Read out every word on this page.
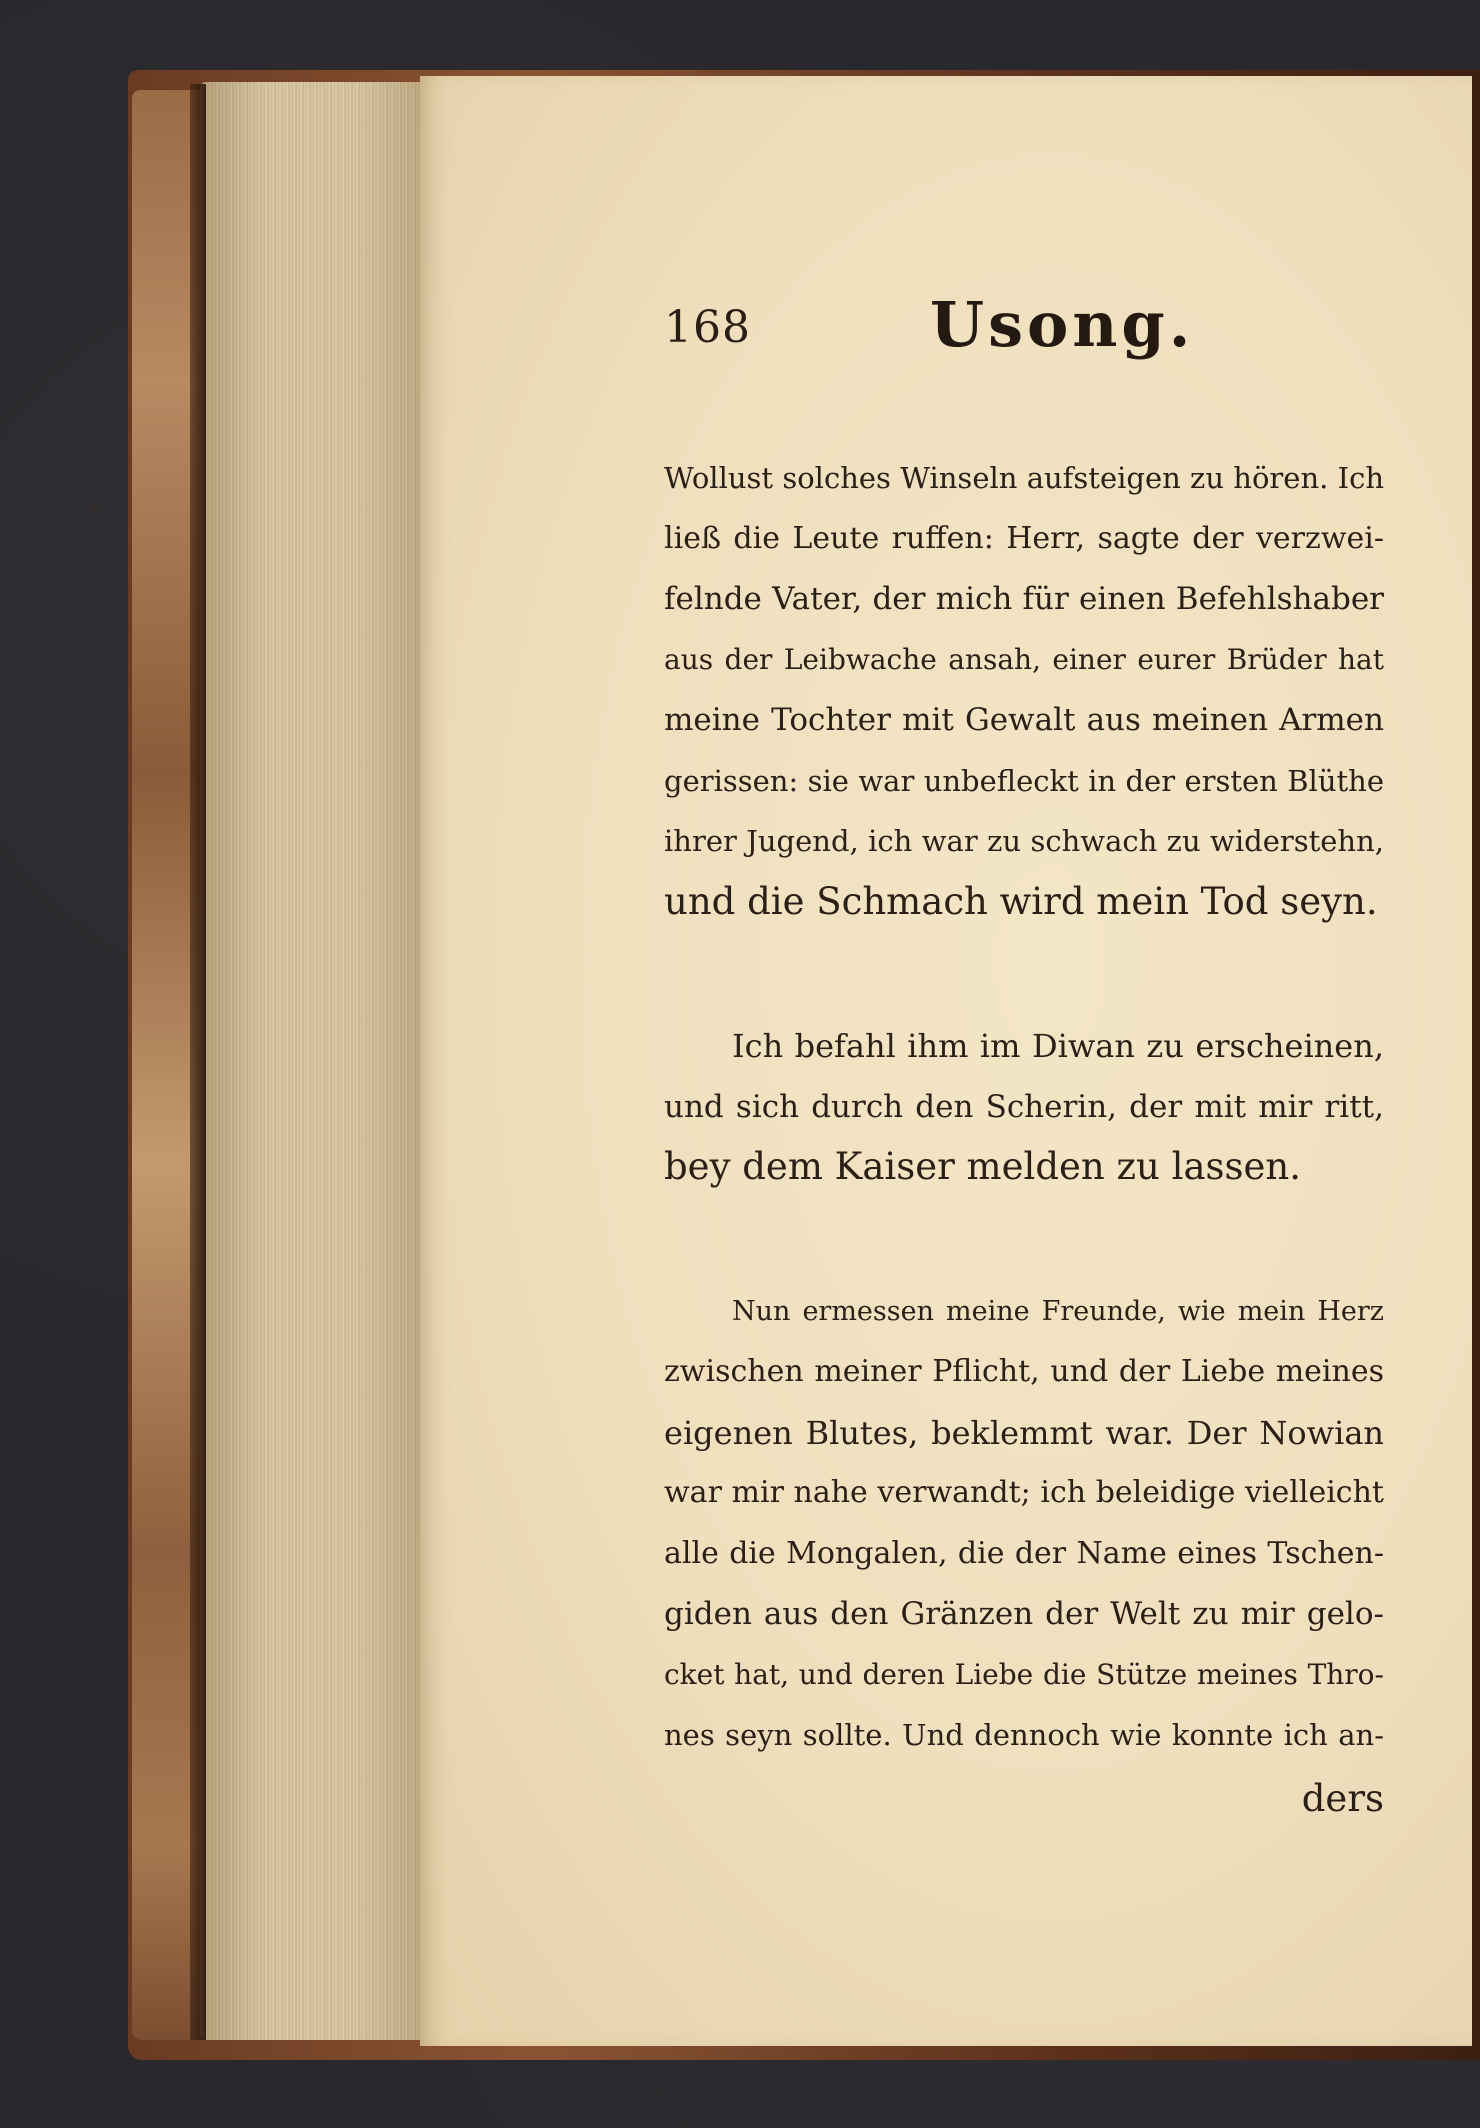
168	Usong.

Wollust solches Winseln aufsteigen zu hören. Ich

ließ die Leute ruffen: Herr, sagte der verzwei-

felnde Vater, der mich für einen Befehlshaber

aus der Leibwache ansah, einer eurer Brüder hat

meine Tochter mit Gewalt aus meinen Armen

gerissen: sie war unbefleckt in der ersten Blüthe

ihrer Jugend, ich war zu schwach zu widerstehn,

und die Schmach wird mein Tod seyn.

Ich befahl ihm im Diwan zu erscheinen,

und sich durch den Scherin, der mit mir ritt,

bey dem Kaiser melden zu lassen.

Nun ermessen meine Freunde, wie mein Herz

zwischen meiner Pflicht, und der Liebe meines

eigenen Blutes, beklemmt war. Der Nowian

war mir nahe verwandt; ich beleidige vielleicht

alle die Mongalen, die der Name eines Tschen-

giden aus den Gränzen der Welt zu mir gelo-

cket hat, und deren Liebe die Stütze meines Thro-

nes seyn sollte. Und dennoch wie konnte ich an-

ders
